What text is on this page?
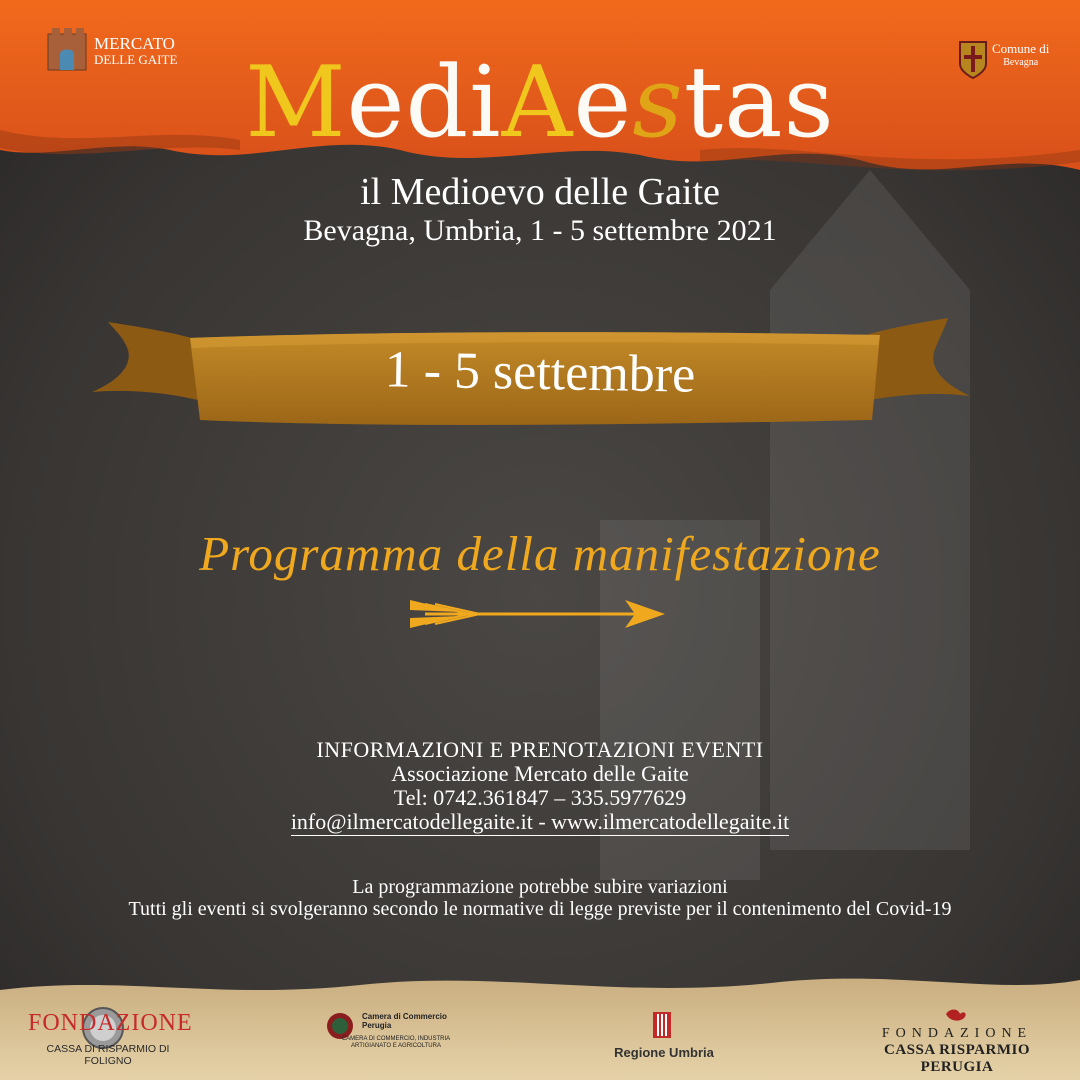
MERCATO
DELLE GAITE
Comune di
Bevagna
MediAestas
il Medioevo delle Gaite
Bevagna, Umbria, 1 - 5 settembre 2021
1 - 5 settembre
Programma della manifestazione
INFORMAZIONI E PRENOTAZIONI EVENTI
Associazione Mercato delle Gaite
Tel: 0742.361847 – 335.5977629
info@ilmercatodellegaite.it - www.ilmercatodellegaite.it
La programmazione potrebbe subire variazioni
Tutti gli eventi si svolgeranno secondo le normative di legge previste per il contenimento del Covid-19
FONDAZIONE
CASSA DI RISPARMIO DI FOLIGNO
Camera di Commercio Perugia
CAMERA DI COMMERCIO, INDUSTRIA ARTIGIANATO E AGRICOLTURA	Regione Umbria
FONDAZIONE
CASSA RISPARMIO PERUGIA
